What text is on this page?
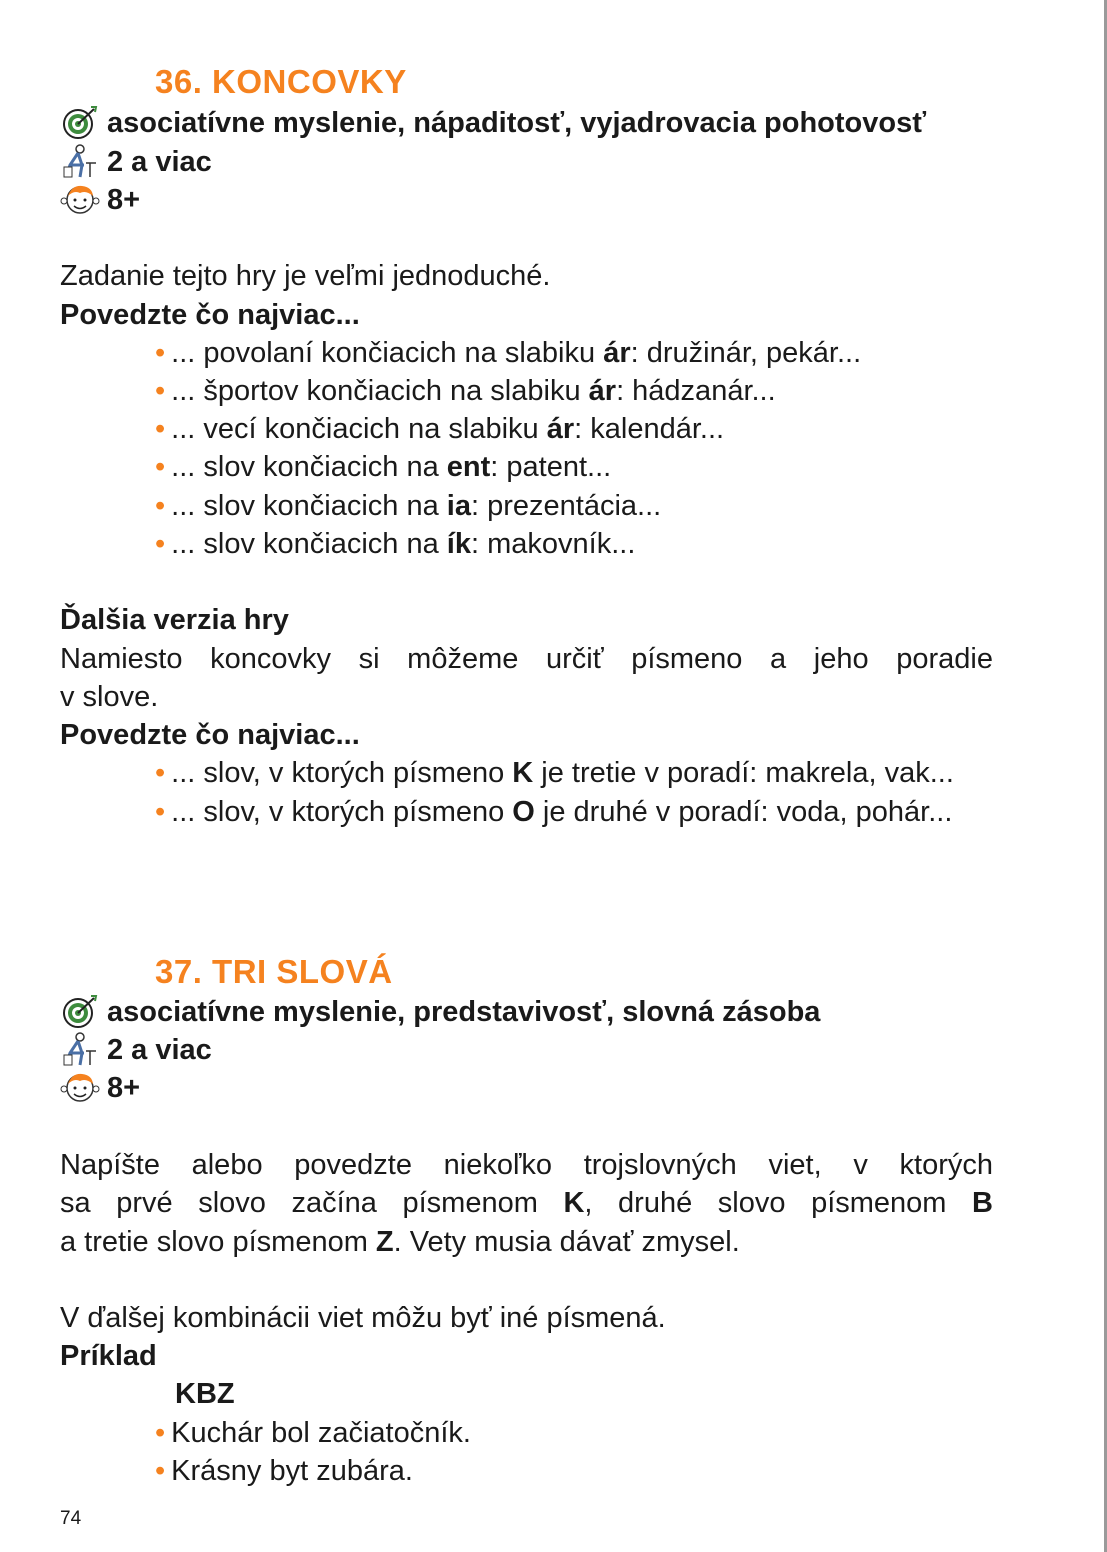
36. KONCOVKY
asociatívne myslenie, nápaditosť, vyjadrovacia pohotovosť
2 a viac
8+
37. TRI SLOVÁ
asociatívne myslenie, predstavivosť, slovná zásoba
2 a viac
8+
Zadanie tejto hry je veľmi jednoduché.
Povedzte čo najviac...
• ... povolaní končiacich na slabiku ár: družinár, pekár...
• ... športov končiacich na slabiku ár: hádzanár...
• ... vecí končiacich na slabiku ár: kalendár...
• ... slov končiacich na ent: patent...
• ... slov končiacich na ia: prezentácia...
• ... slov končiacich na ík: makovník...
Ďalšia verzia hry
Namiesto koncovky si môžeme určiť písmeno a jeho poradie
v slove.
Povedzte čo najviac...
• ... slov, v ktorých písmeno K je tretie v poradí: makrela, vak...
• ... slov, v ktorých písmeno O je druhé v poradí: voda, pohár...
Napíšte alebo povedzte niekoľko trojslovných viet, v ktorých
sa prvé slovo začína písmenom K, druhé slovo písmenom B
a tretie slovo písmenom Z. Vety musia dávať zmysel.
V ďalšej kombinácii viet môžu byť iné písmená.
Príklad
KBZ
• Kuchár bol začiatočník.
• Krásny byt zubára.
74
